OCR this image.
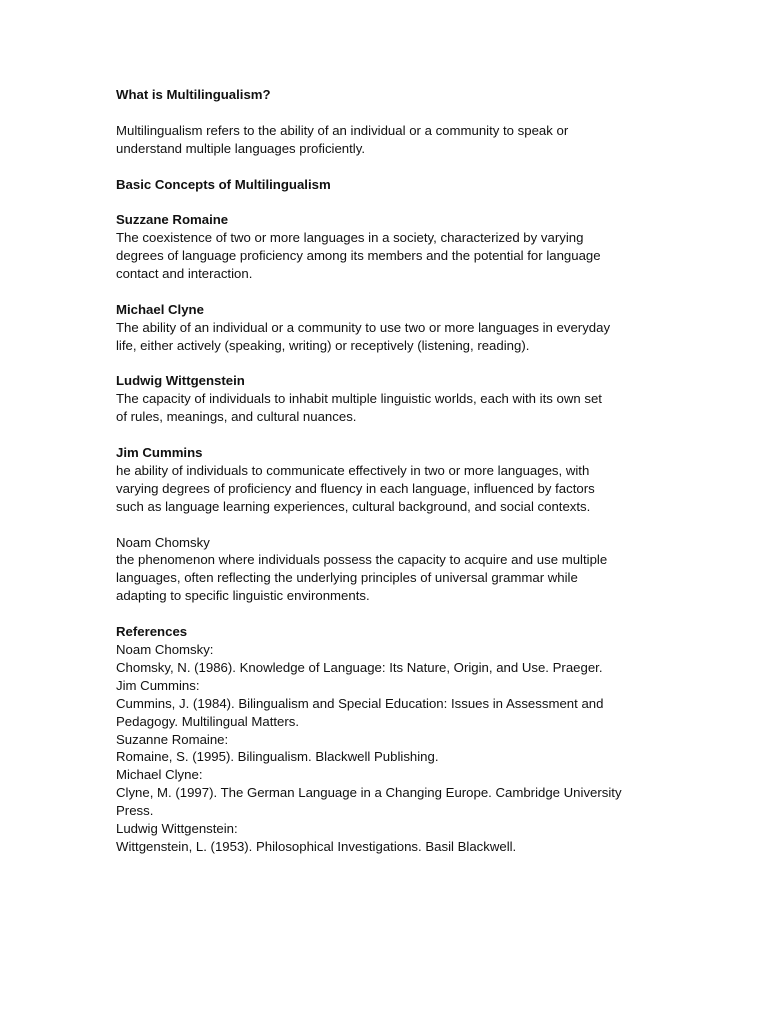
What is Multilingualism?

Multilingualism refers to the ability of an individual or a community to speak or
understand multiple languages proficiently.

Basic Concepts of Multilingualism

Suzzane Romaine
The coexistence of two or more languages in a society, characterized by varying
degrees of language proficiency among its members and the potential for language
contact and interaction.
Michael Clyne
The ability of an individual or a community to use two or more languages in everyday
life, either actively (speaking, writing) or receptively (listening, reading).
Ludwig Wittgenstein
The capacity of individuals to inhabit multiple linguistic worlds, each with its own set
of rules, meanings, and cultural nuances.
Jim Cummins
he ability of individuals to communicate effectively in two or more languages, with
varying degrees of proficiency and fluency in each language, influenced by factors
such as language learning experiences, cultural background, and social contexts.
Noam Chomsky
the phenomenon where individuals possess the capacity to acquire and use multiple
languages, often reflecting the underlying principles of universal grammar while
adapting to specific linguistic environments.
References
Noam Chomsky:
Chomsky, N. (1986). Knowledge of Language: Its Nature, Origin, and Use. Praeger.
Jim Cummins:
Cummins, J. (1984). Bilingualism and Special Education: Issues in Assessment and
Pedagogy. Multilingual Matters.
Suzanne Romaine:
Romaine, S. (1995). Bilingualism. Blackwell Publishing.
Michael Clyne:
Clyne, M. (1997). The German Language in a Changing Europe. Cambridge University
Press.
Ludwig Wittgenstein:
Wittgenstein, L. (1953). Philosophical Investigations. Basil Blackwell.
